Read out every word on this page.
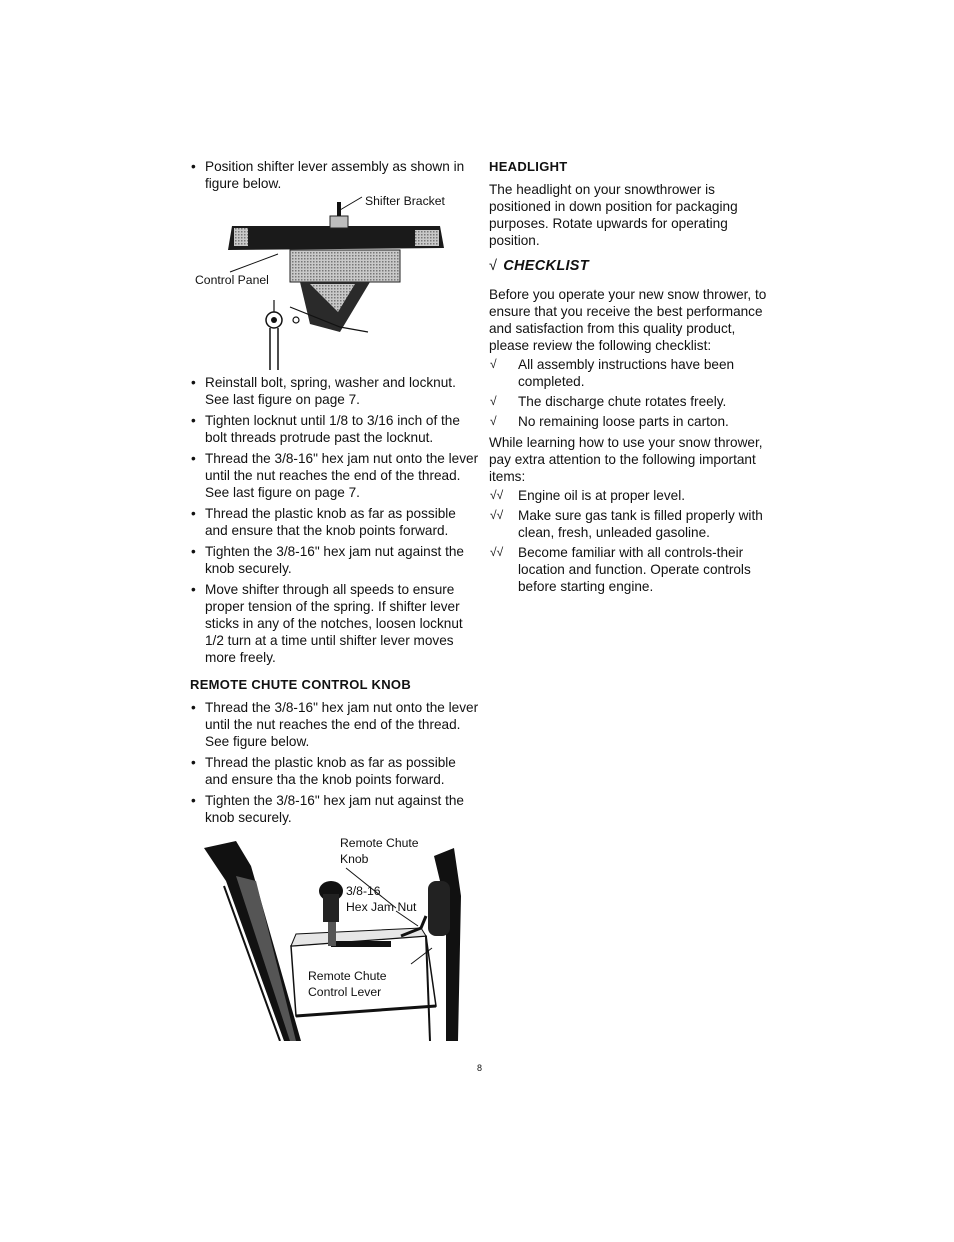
• Position shifter lever assembly as shown in figure below.
• Reinstall bolt, spring, washer and locknut. See last figure on page 7.
• Tighten locknut until 1/8 to 3/16 inch of the bolt threads protrude past the locknut.
• Thread the 3/8-16" hex jam nut onto the lever until the nut reaches the end of the thread. See last figure on page 7.
• Thread the plastic knob as far as possible and ensure that the knob points forward.
• Tighten the 3/8-16" hex jam nut against the knob securely.
• Move shifter through all speeds to ensure proper tension of the spring. If shifter lever sticks in any of the notches, loosen locknut 1/2 turn at a time until shifter lever moves more freely.
REMOTE CHUTE CONTROL KNOB
• Thread the 3/8-16" hex jam nut onto the lever until the nut reaches the end of the thread. See figure below.
• Thread the plastic knob as far as possible and ensure tha the knob points forward.
• Tighten the 3/8-16" hex jam nut against the knob securely.
Shifter Bracket
Control Panel
Remote Chute
Knob
3/8-16
Hex Jam Nut
Remote Chute
Control Lever
HEADLIGHT

The headlight on your snowthrower is positioned in down position for packaging purposes. Rotate upwards for operating position.

√ CHECKLIST

Before you operate your new snow thrower, to ensure that you receive the best performance and satisfaction from this quality product, please review the following checklist:

√ All assembly instructions have been completed.
√ The discharge chute rotates freely.
√ No remaining loose parts in carton.

While learning how to use your snow thrower, pay extra attention to the following important items:

√√ Engine oil is at proper level.
√√ Make sure gas tank is filled properly with clean, fresh, unleaded gasoline.
√√ Become familiar with all controls-their location and function. Operate controls before starting engine.
8
